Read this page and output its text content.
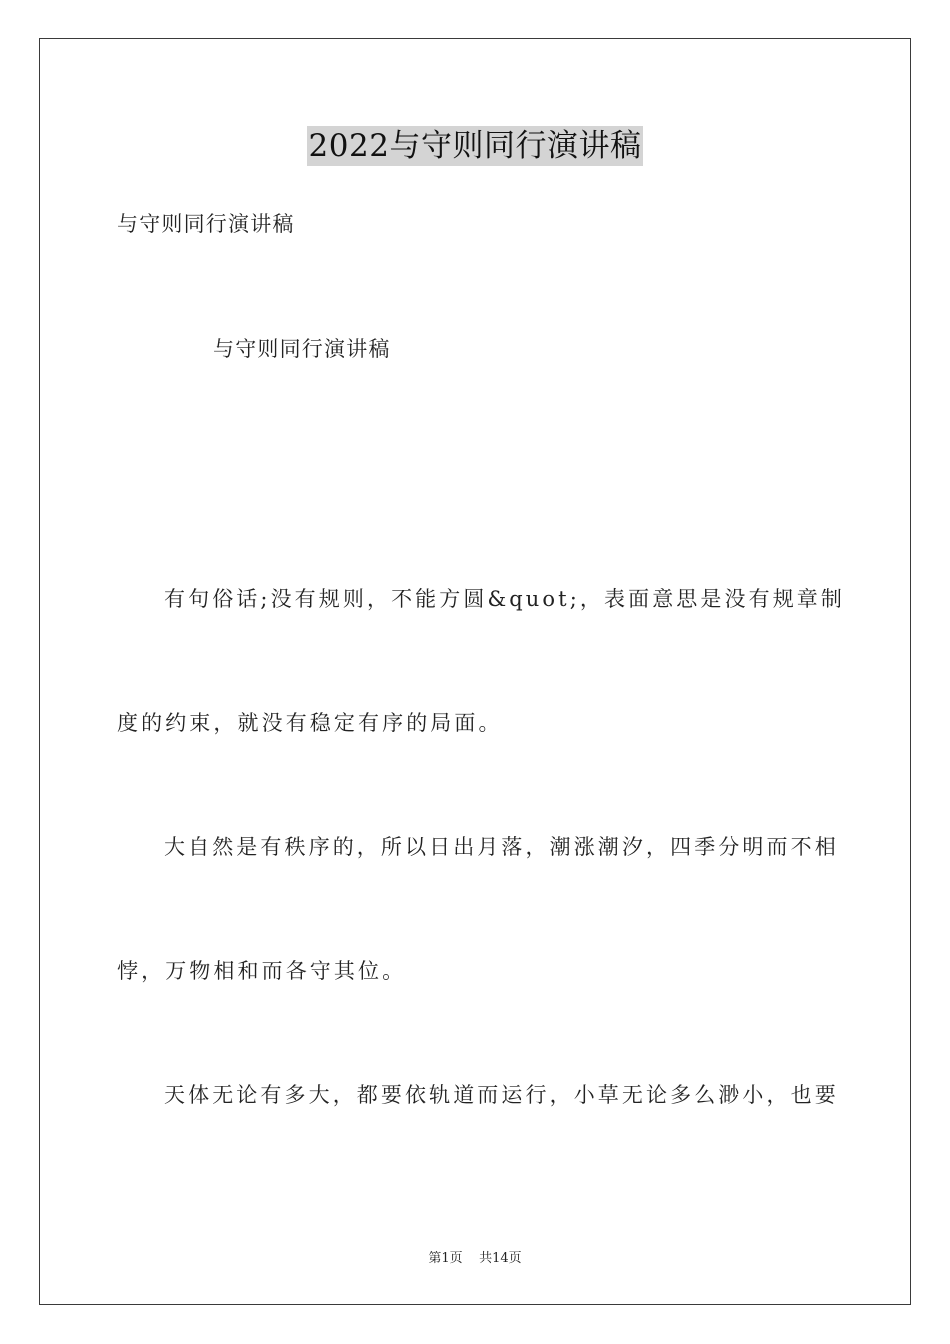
2022与守则同行演讲稿
与守则同行演讲稿
与守则同行演讲稿
有句俗话;没有规则，不能方圆&quot;，表面意思是没有规章制
度的约束，就没有稳定有序的局面。
大自然是有秩序的，所以日出月落，潮涨潮汐，四季分明而不相
悖，万物相和而各守其位。
天体无论有多大，都要依轨道而运行，小草无论多么渺小，也要
第1页 共14页
